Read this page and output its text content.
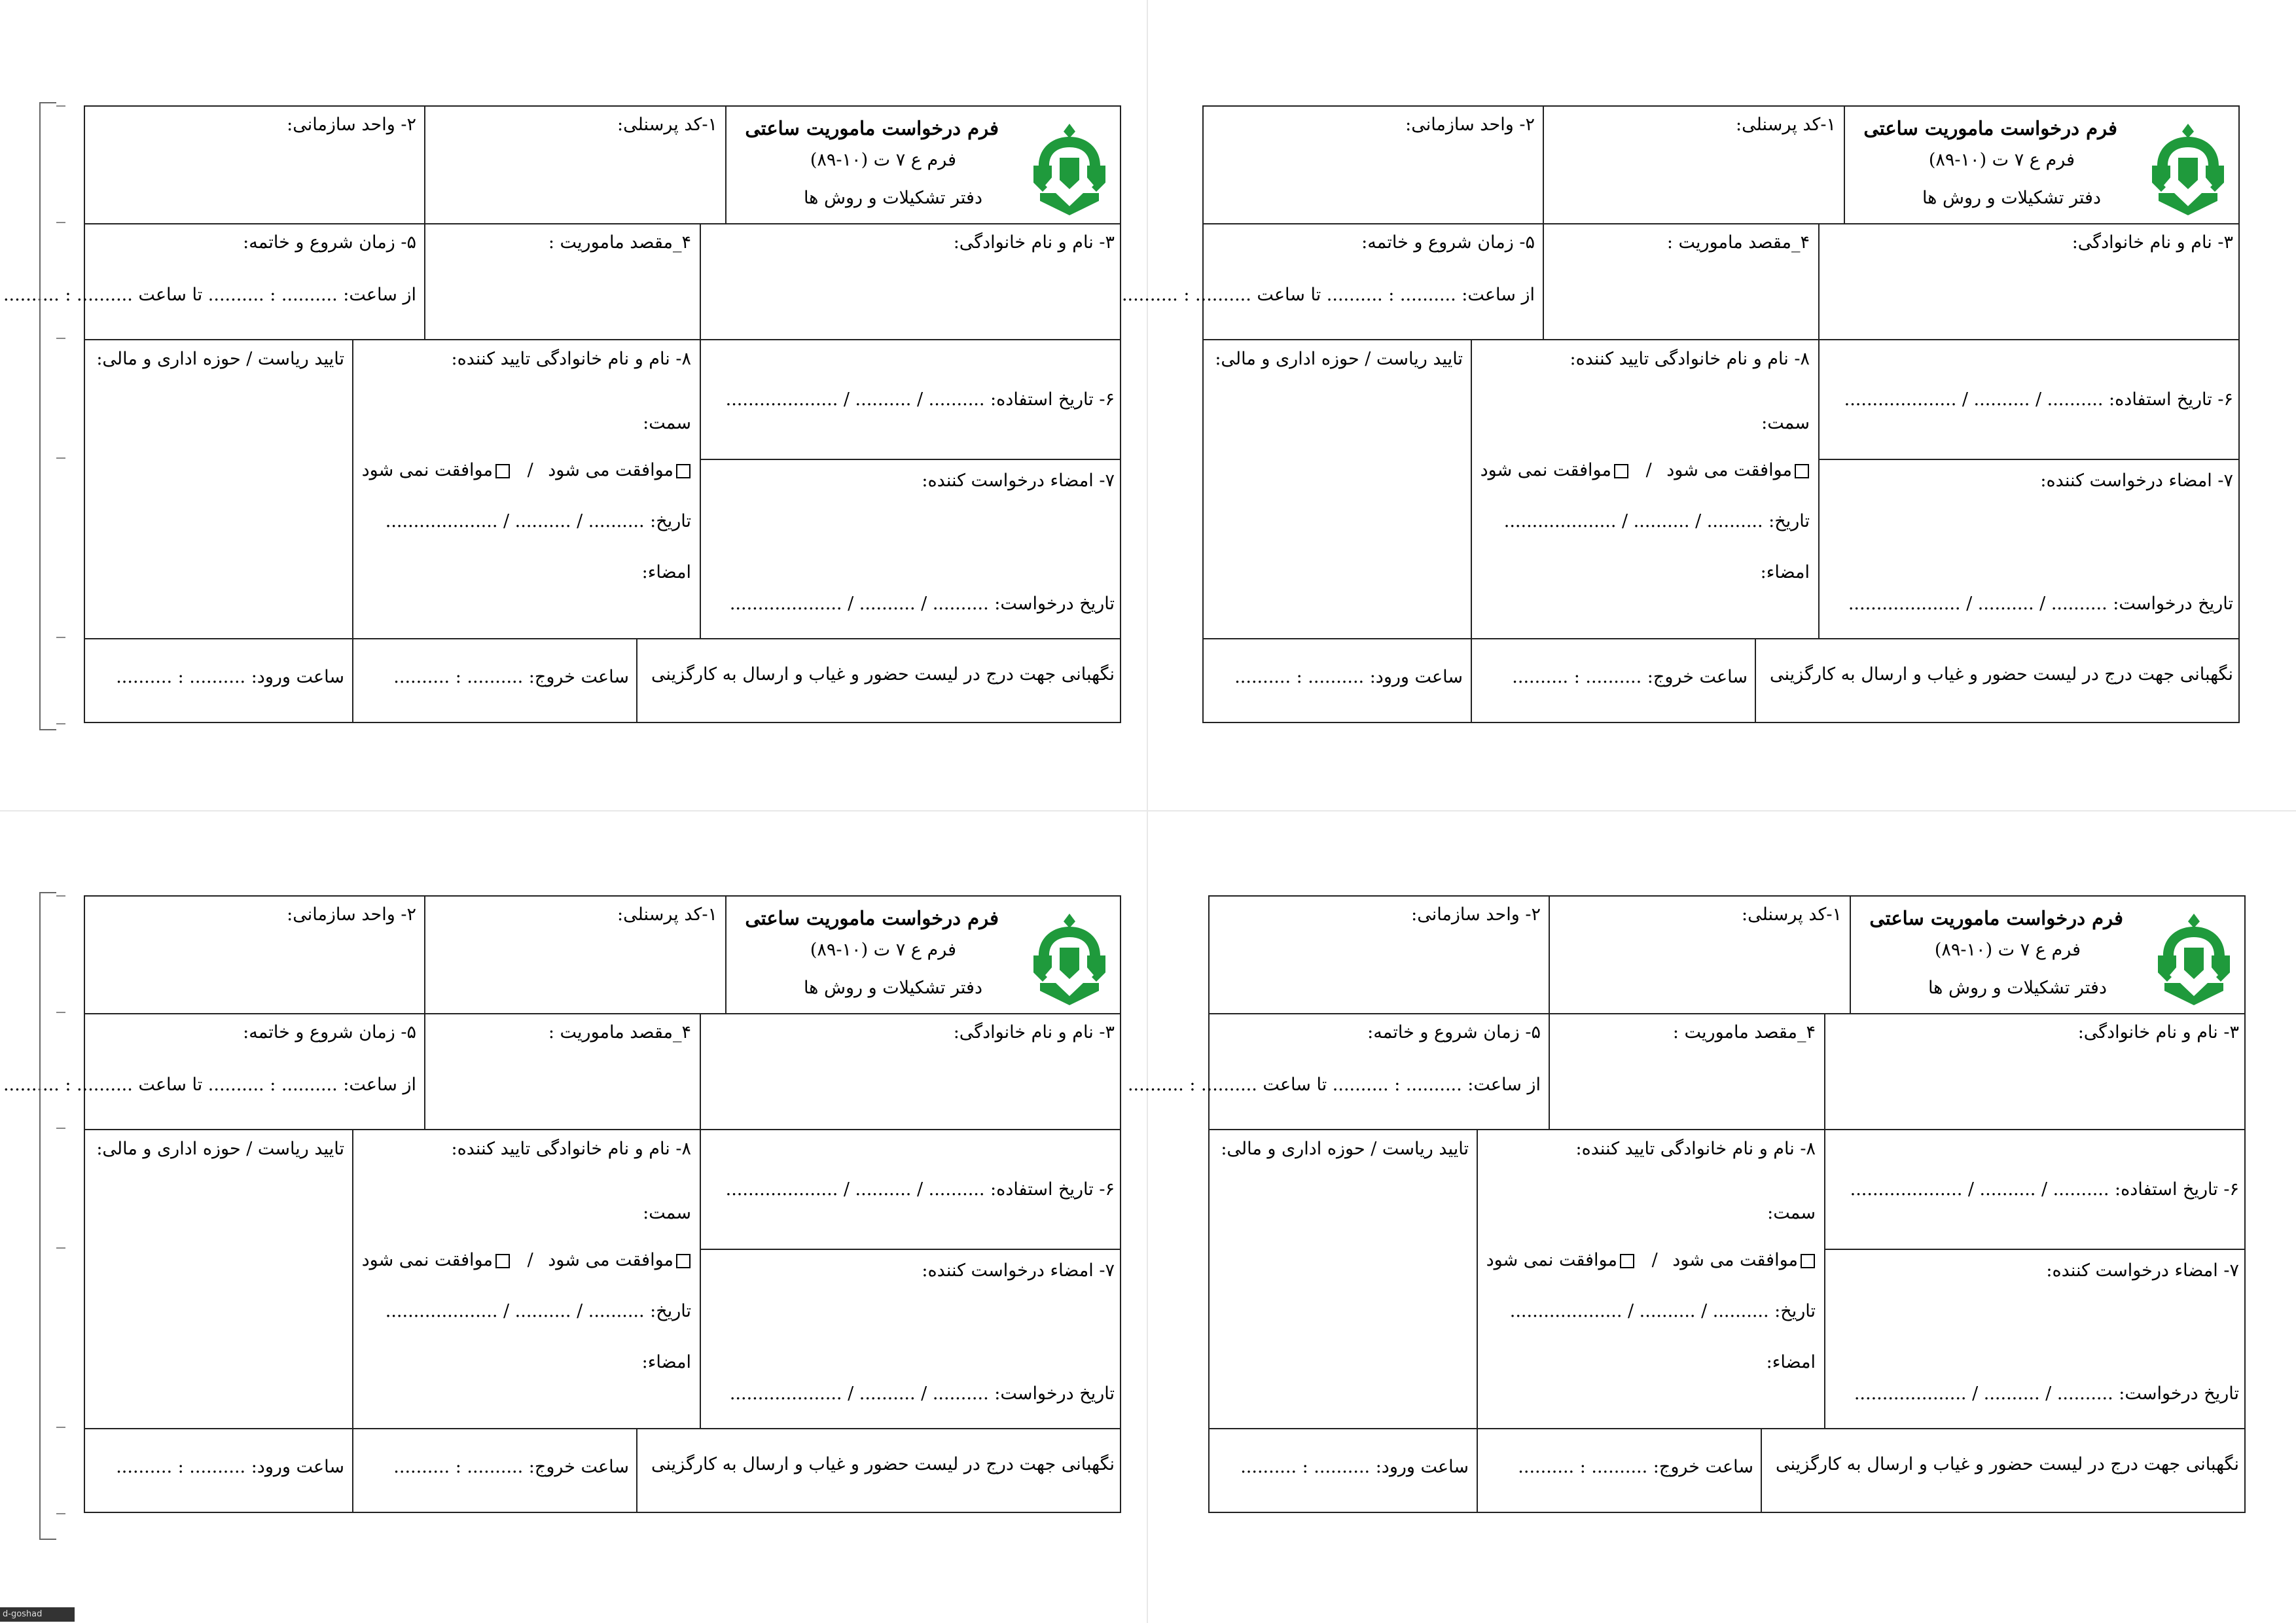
فرم درخواست ماموریت ساعتی
فرم ع ۷ ت (۱۰-۸۹)
دفتر تشکیلات و روش ها
۱-کد پرسنلی:
۲- واحد سازمانی:
۳- نام و نام خانوادگی:
۴_مقصد ماموریت :
۵- زمان شروع و خاتمه:
از ساعت: .......... : .......... تا ساعت .......... : ..........
۶- تاریخ استفاده: .......... / .......... / ....................
۷- امضاء درخواست کننده:
تاریخ درخواست: .......... / .......... / ....................
۸- نام و نام خانوادگی تایید کننده:
سمت:
موافقت می شود / موافقت نمی شود
تاریخ: .......... / .......... / ....................
امضاء:
تایید ریاست / حوزه اداری و مالی:
نگهبانی جهت درج در لیست حضور و غیاب و ارسال به کارگزینی
ساعت خروج: .......... : ..........
ساعت ورود: .......... : ..........
فرم درخواست ماموریت ساعتی
فرم ع ۷ ت (۱۰-۸۹)
دفتر تشکیلات و روش ها
۱-کد پرسنلی:
۲- واحد سازمانی:
۳- نام و نام خانوادگی:
۴_مقصد ماموریت :
۵- زمان شروع و خاتمه:
از ساعت: .......... : .......... تا ساعت .......... : ..........
۶- تاریخ استفاده: .......... / .......... / ....................
۷- امضاء درخواست کننده:
تاریخ درخواست: .......... / .......... / ....................
۸- نام و نام خانوادگی تایید کننده:
سمت:
موافقت می شود / موافقت نمی شود
تاریخ: .......... / .......... / ....................
امضاء:
تایید ریاست / حوزه اداری و مالی:
نگهبانی جهت درج در لیست حضور و غیاب و ارسال به کارگزینی
ساعت خروج: .......... : ..........
ساعت ورود: .......... : ..........
فرم درخواست ماموریت ساعتی
فرم ع ۷ ت (۱۰-۸۹)
دفتر تشکیلات و روش ها
۱-کد پرسنلی:
۲- واحد سازمانی:
۳- نام و نام خانوادگی:
۴_مقصد ماموریت :
۵- زمان شروع و خاتمه:
از ساعت: .......... : .......... تا ساعت .......... : ..........
۶- تاریخ استفاده: .......... / .......... / ....................
۷- امضاء درخواست کننده:
تاریخ درخواست: .......... / .......... / ....................
۸- نام و نام خانوادگی تایید کننده:
سمت:
موافقت می شود / موافقت نمی شود
تاریخ: .......... / .......... / ....................
امضاء:
تایید ریاست / حوزه اداری و مالی:
نگهبانی جهت درج در لیست حضور و غیاب و ارسال به کارگزینی
ساعت خروج: .......... : ..........
ساعت ورود: .......... : ..........
فرم درخواست ماموریت ساعتی
فرم ع ۷ ت (۱۰-۸۹)
دفتر تشکیلات و روش ها
۱-کد پرسنلی:
۲- واحد سازمانی:
۳- نام و نام خانوادگی:
۴_مقصد ماموریت :
۵- زمان شروع و خاتمه:
از ساعت: .......... : .......... تا ساعت .......... : ..........
۶- تاریخ استفاده: .......... / .......... / ....................
۷- امضاء درخواست کننده:
تاریخ درخواست: .......... / .......... / ....................
۸- نام و نام خانوادگی تایید کننده:
سمت:
موافقت می شود / موافقت نمی شود
تاریخ: .......... / .......... / ....................
امضاء:
تایید ریاست / حوزه اداری و مالی:
نگهبانی جهت درج در لیست حضور و غیاب و ارسال به کارگزینی
ساعت خروج: .......... : ..........
ساعت ورود: .......... : ..........
d-goshad
